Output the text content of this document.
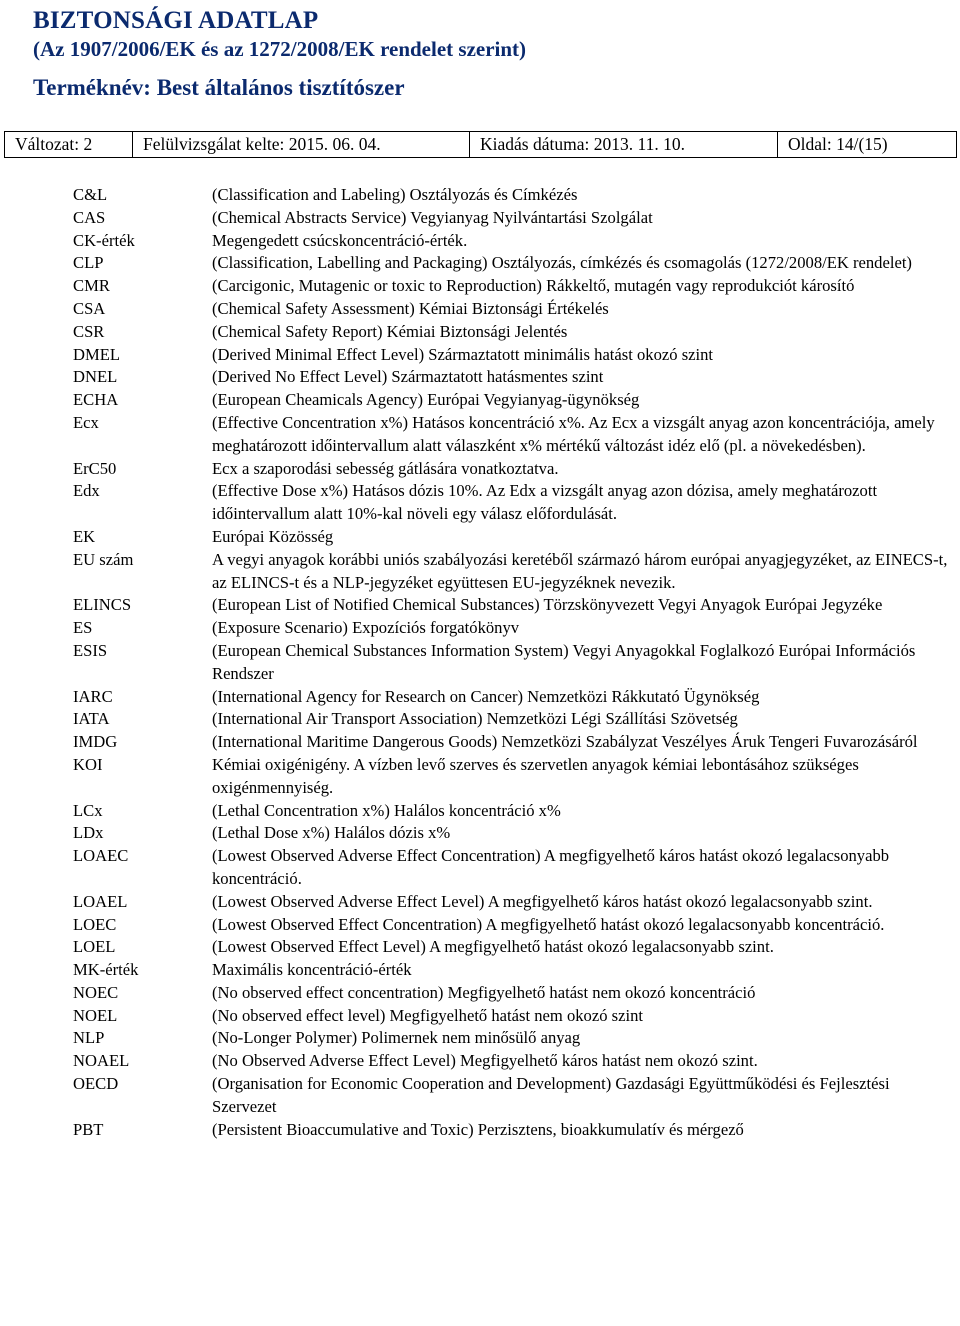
BIZTONSÁGI ADATLAP
(Az 1907/2006/EK és az 1272/2008/EK rendelet szerint)
Terméknév: Best általános tisztítószer
Változat: 2	Felülvizsgálat kelte: 2015. 06. 04.	Kiadás dátuma: 2013. 11. 10.	Oldal: 14/(15)
C&L	(Classification and Labeling) Osztályozás és Címkézés
CAS	(Chemical Abstracts Service) Vegyianyag Nyilvántartási Szolgálat
CK-érték	Megengedett csúcskoncentráció-érték.
CLP	(Classification, Labelling and Packaging) Osztályozás, címkézés és csomagolás (1272/2008/EK rendelet)
CMR	(Carcigonic, Mutagenic or toxic to Reproduction) Rákkeltő, mutagén vagy reprodukciót károsító
CSA	(Chemical Safety Assessment) Kémiai Biztonsági Értékelés
CSR	(Chemical Safety Report) Kémiai Biztonsági Jelentés
DMEL	(Derived Minimal Effect Level) Származtatott minimális hatást okozó szint
DNEL	(Derived No Effect Level) Származtatott hatásmentes szint
ECHA	(European Cheamicals Agency) Európai Vegyianyag-ügynökség
Ecx	(Effective Concentration x%) Hatásos koncentráció x%. Az Ecx a vizsgált anyag azon koncentrációja, amely meghatározott időintervallum alatt válaszként x% mértékű változást idéz elő (pl. a növekedésben).
ErC50	Ecx a szaporodási sebesség gátlására vonatkoztatva.
Edx	(Effective Dose x%) Hatásos dózis 10%. Az Edx a vizsgált anyag azon dózisa, amely meghatározott időintervallum alatt 10%-kal növeli egy válasz előfordulását.
EK	Európai Közösség
EU szám	A vegyi anyagok korábbi uniós szabályozási keretéből származó három európai anyagjegyzéket, az EINECS-t, az ELINCS-t és a NLP-jegyzéket együttesen EU-jegyzéknek nevezik.
ELINCS	(European List of Notified Chemical Substances) Törzskönyvezett Vegyi Anyagok Európai Jegyzéke
ES	(Exposure Scenario) Expozíciós forgatókönyv
ESIS	(European Chemical Substances Information System) Vegyi Anyagokkal Foglalkozó Európai Információs Rendszer
IARC	(International Agency for Research on Cancer) Nemzetközi Rákkutató Ügynökség
IATA	(International Air Transport Association) Nemzetközi Légi Szállítási Szövetség
IMDG	(International Maritime Dangerous Goods) Nemzetközi Szabályzat Veszélyes Áruk Tengeri Fuvarozásáról
KOI	Kémiai oxigénigény. A vízben levő szerves és szervetlen anyagok kémiai lebontásához szükséges oxigénmennyiség.
LCx	(Lethal Concentration x%) Halálos koncentráció x%
LDx	(Lethal Dose x%) Halálos dózis x%
LOAEC	(Lowest Observed Adverse Effect Concentration) A megfigyelhető káros hatást okozó legalacsonyabb koncentráció.
LOAEL	(Lowest Observed Adverse Effect Level) A megfigyelhető káros hatást okozó legalacsonyabb szint.
LOEC	(Lowest Observed Effect Concentration) A megfigyelhető hatást okozó legalacsonyabb koncentráció.
LOEL	(Lowest Observed Effect Level) A megfigyelhető hatást okozó legalacsonyabb szint.
MK-érték	Maximális koncentráció-érték
NOEC	(No observed effect concentration) Megfigyelhető hatást nem okozó koncentráció
NOEL	(No observed effect level) Megfigyelhető hatást nem okozó szint
NLP	(No-Longer Polymer) Polimernek nem minősülő anyag
NOAEL	(No Observed Adverse Effect Level) Megfigyelhető káros hatást nem okozó szint.
OECD	(Organisation for Economic Cooperation and Development) Gazdasági Együttműködési és Fejlesztési Szervezet
PBT	(Persistent Bioaccumulative and Toxic) Perzisztens, bioakkumulatív és mérgező
